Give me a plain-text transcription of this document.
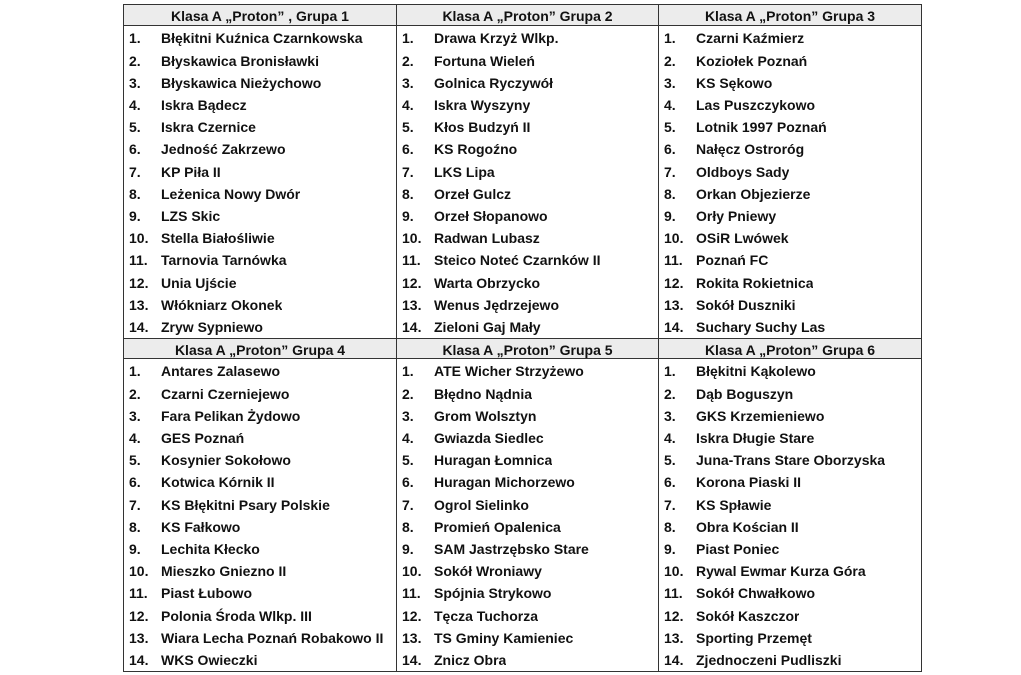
Klasa A „Proton” , Grupa 1
1.	Błękitni Kuźnica Czarnkowska
2.	Błyskawica Bronisławki
3.	Błyskawica Nieżychowo
4.	Iskra Bądecz
5.	Iskra Czernice
6.	Jedność Zakrzewo
7.	KP Piła II
8.	Leżenica Nowy Dwór
9.	LZS Skic
10. Stella Białośliwie
11. Tarnovia Tarnówka
12. Unia Ujście
13. Włókniarz Okonek
14. Zryw Sypniewo
Klasa A „Proton” Grupa 2
1.	Drawa Krzyż Wlkp.
2.	Fortuna Wieleń
3.	Golnica Ryczywół
4.	Iskra Wyszyny
5.	Kłos Budzyń II
6.	KS Rogoźno
7.	LKS Lipa
8.	Orzeł Gulcz
9.	Orzeł Słopanowo
10. Radwan Lubasz
11. Steico Noteć Czarnków II
12. Warta Obrzycko
13. Wenus Jędrzejewo
14. Zieloni Gaj Mały
Klasa A „Proton” Grupa 3
1.	Czarni Kaźmierz
2.	Koziołek Poznań
3.	KS Sękowo
4.	Las Puszczykowo
5.	Lotnik 1997 Poznań
6.	Nałęcz Ostroróg
7.	Oldboys Sady
8.	Orkan Objezierze
9.	Orły Pniewy
10. OSiR Lwówek
11. Poznań FC
12. Rokita Rokietnica
13. Sokół Duszniki
14. Suchary Suchy Las
Klasa A „Proton” Grupa 4
1.	Antares Zalasewo
2.	Czarni Czerniejewo
3.	Fara Pelikan Żydowo
4.	GES Poznań
5.	Kosynier Sokołowo
6.	Kotwica Kórnik II
7.	KS Błękitni Psary Polskie
8.	KS Fałkowo
9.	Lechita Kłecko
10. Mieszko Gniezno II
11. Piast Łubowo
12. Polonia Środa Wlkp. III
13. Wiara Lecha Poznań Robakowo II
14. WKS Owieczki
Klasa A „Proton” Grupa 5
1.	ATE Wicher Strzyżewo
2.	Błędno Nądnia
3.	Grom Wolsztyn
4.	Gwiazda Siedlec
5.	Huragan Łomnica
6.	Huragan Michorzewo
7.	Ogrol Sielinko
8.	Promień Opalenica
9.	SAM Jastrzębsko Stare
10. Sokół Wroniawy
11. Spójnia Strykowo
12. Tęcza Tuchorza
13. TS Gminy Kamieniec
14. Znicz Obra
Klasa A „Proton” Grupa 6
1.	Błękitni Kąkolewo
2.	Dąb Boguszyn
3.	GKS Krzemieniewo
4.	Iskra Długie Stare
5.	Juna-Trans Stare Oborzyska
6.	Korona Piaski II
7.	KS Spławie
8.	Obra Kościan II
9.	Piast Poniec
10. Rywal Ewmar Kurza Góra
11. Sokół Chwałkowo
12. Sokół Kaszczor
13. Sporting Przemęt
14. Zjednoczeni Pudliszki
